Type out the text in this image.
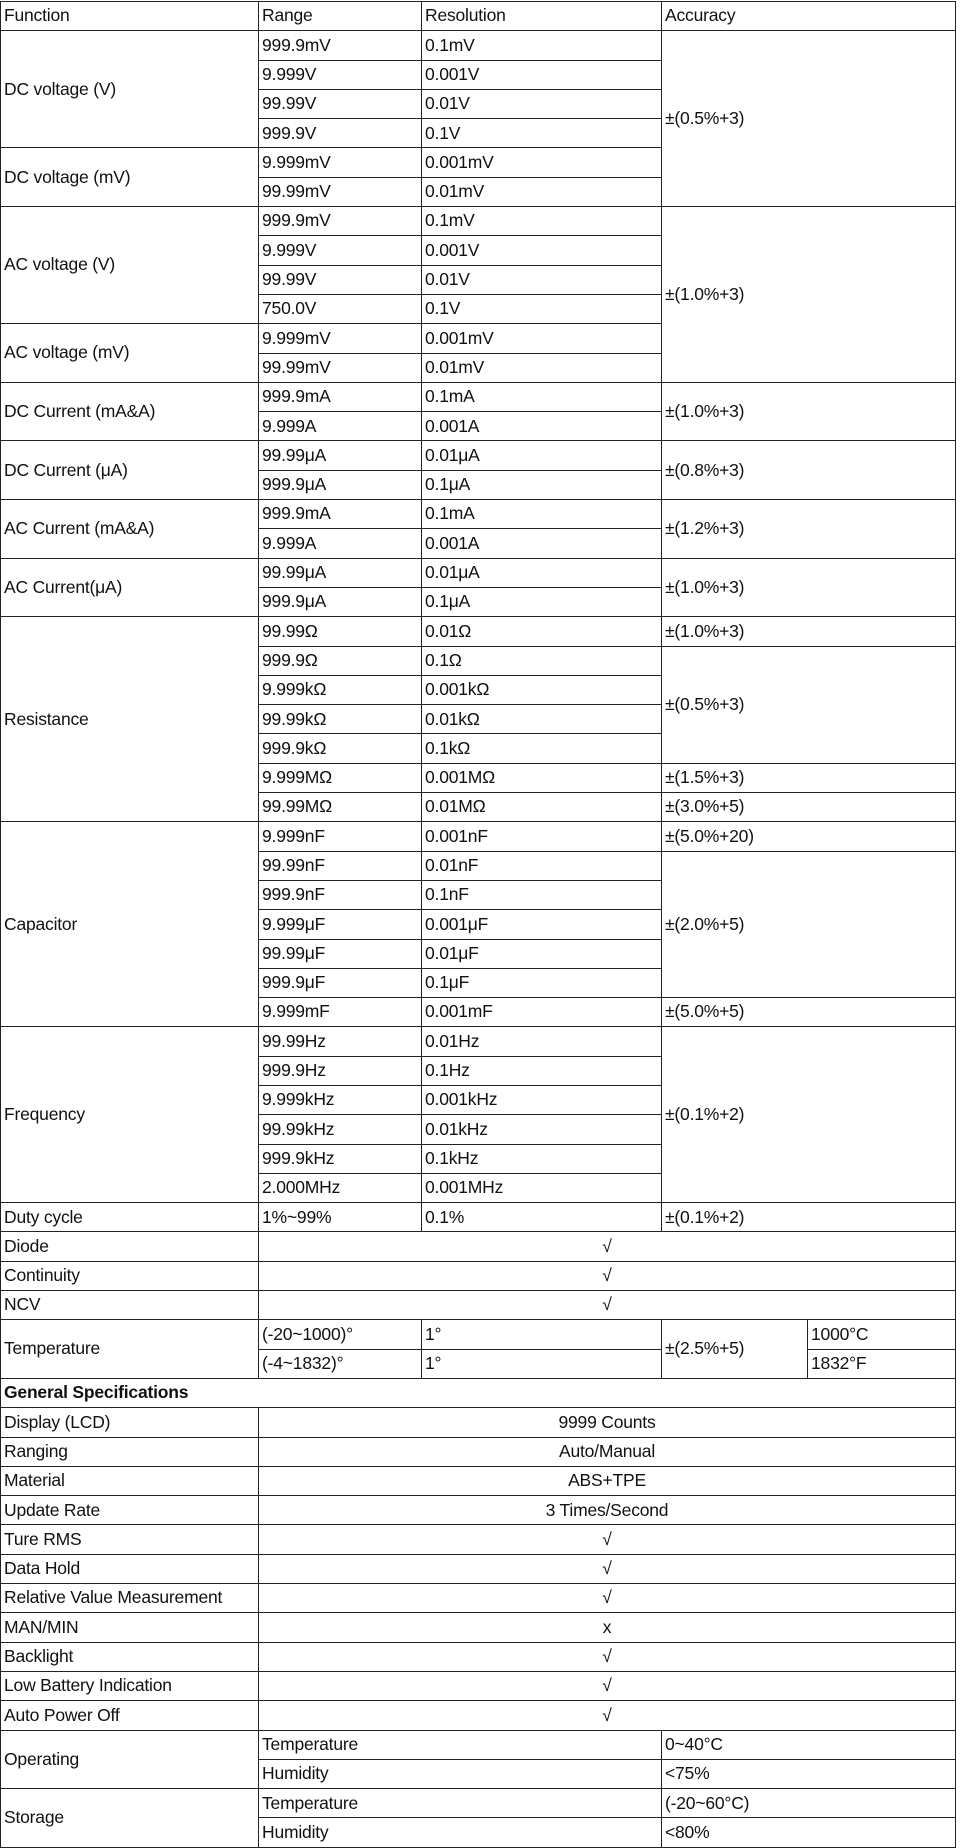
Function	Range	Resolution	Accuracy	
DC voltage (V)	999.9mV	0.1mV	±(0.5%+3)	
	9.999V	0.001V		
	99.99V	0.01V		
	999.9V	0.1V		
DC voltage (mV)	9.999mV	0.001mV		
	99.99mV	0.01mV		
AC voltage (V)	999.9mV	0.1mV	±(1.0%+3)	
	9.999V	0.001V		
	99.99V	0.01V		
	750.0V	0.1V		
AC voltage (mV)	9.999mV	0.001mV		
	99.99mV	0.01mV		
DC Current (mA&A)	999.9mA	0.1mA	±(1.0%+3)	
	9.999A	0.001A		
DC Current (μA)	99.99μA	0.01μA	±(0.8%+3)	
	999.9μA	0.1μA		
AC Current (mA&A)	999.9mA	0.1mA	±(1.2%+3)	
	9.999A	0.001A		
AC Current(μA)	99.99μA	0.01μA	±(1.0%+3)	
	999.9μA	0.1μA		
Resistance	99.99Ω	0.01Ω	±(1.0%+3)	
	999.9Ω	0.1Ω	±(0.5%+3)	
	9.999kΩ	0.001kΩ		
	99.99kΩ	0.01kΩ		
	999.9kΩ	0.1kΩ		
	9.999MΩ	0.001MΩ	±(1.5%+3)	
	99.99MΩ	0.01MΩ	±(3.0%+5)	
Capacitor	9.999nF	0.001nF	±(5.0%+20)	
	99.99nF	0.01nF	±(2.0%+5)	
	999.9nF	0.1nF		
	9.999μF	0.001μF		
	99.99μF	0.01μF		
	999.9μF	0.1μF		
	9.999mF	0.001mF	±(5.0%+5)	
Frequency	99.99Hz	0.01Hz	±(0.1%+2)	
	999.9Hz	0.1Hz		
	9.999kHz	0.001kHz		
	99.99kHz	0.01kHz		
	999.9kHz	0.1kHz		
	2.000MHz	0.001MHz		
Duty cycle	1%~99%	0.1%	±(0.1%+2)	
Diode	√			
Continuity	√			
NCV	√			
Temperature	(-20~1000)°	1°	±(2.5%+5)	1000°C
	(-4~1832)°	1°		1832°F
General Specifications				
Display (LCD)	9999 Counts			
Ranging	Auto/Manual			
Material	ABS+TPE			
Update Rate	3 Times/Second			
Ture RMS	√			
Data Hold	√			
Relative Value Measurement	√			
MAN/MIN	x			
Backlight	√			
Low Battery Indication	√			
Auto Power Off	√			
Operating	Temperature		0~40°C	
	Humidity		<75%	
Storage	Temperature		(-20~60°C)	
	Humidity		<80%	
